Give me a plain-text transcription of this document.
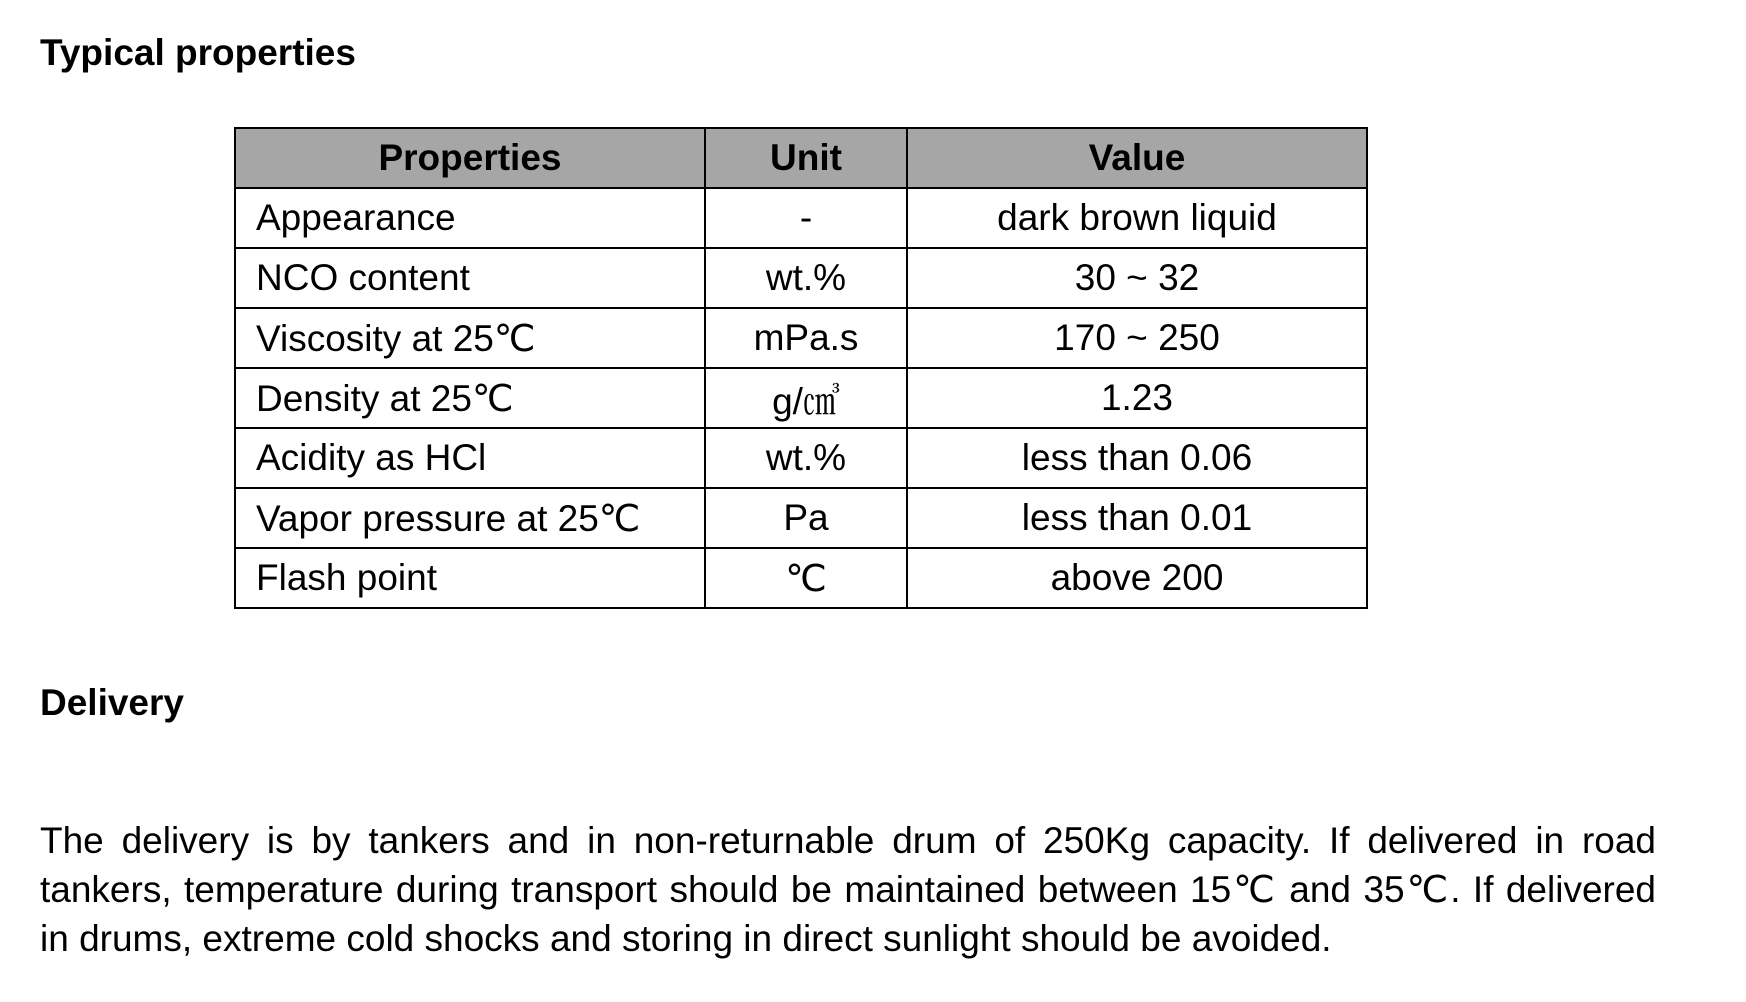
Typical properties
Properties	Unit	Value
Appearance	-	dark brown liquid
NCO content	wt.%	30 ~ 32
Viscosity at 25℃	mPa.s	170 ~ 250
Density at 25℃	g/㎤	1.23
Acidity as HCl	wt.%	less than 0.06
Vapor pressure at 25℃	Pa	less than 0.01
Flash point	℃	above 200
Delivery

The delivery is by tankers and in non-returnable drum of 250Kg capacity. If delivered in road tankers, temperature during transport should be maintained between 15℃ and 35℃. If delivered in drums, extreme cold shocks and storing in direct sunlight should be avoided.
